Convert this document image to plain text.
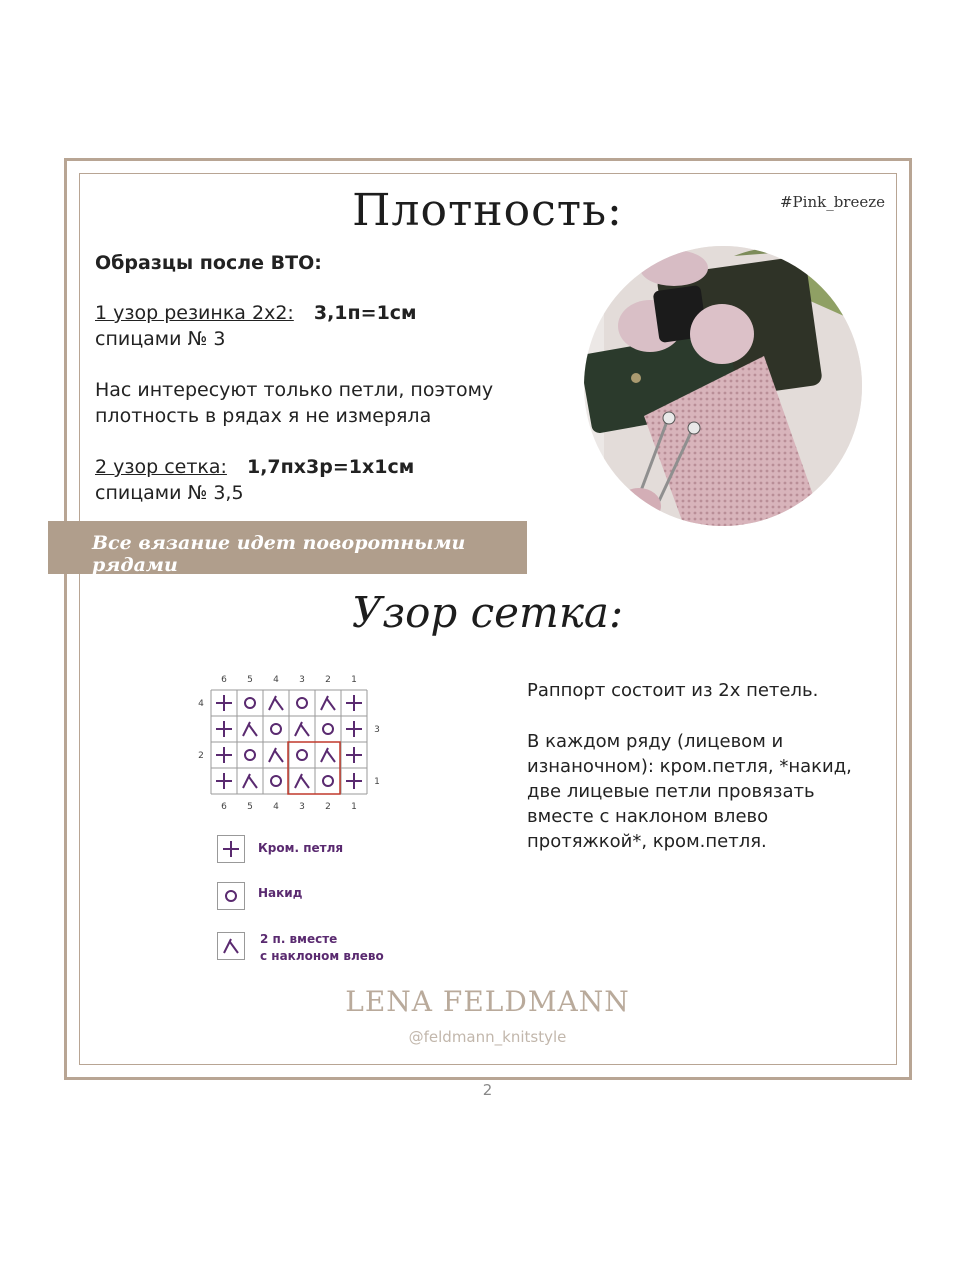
#Pink_breeze
Плотность:
Образцы после ВТО:
1 узор резинка 2х2: 3,1п=1см
спицами № 3
Нас интересуют только петли, поэтому
плотность в рядах я не измеряла
2 узор сетка: 1,7пх3р=1х1см
спицами № 3,5
Все вязание идет поворотными рядами
Узор сетка:
6
6
5
5
4
4
3
3
2
2
1
1
4
3
2
1
Кром. петля
Накид
2 п. вместе
с наклоном влево
Раппорт состоит из 2х петель.
В каждом ряду (лицевом и
изнаночном): кром.петля, *накид,
две лицевые петли провязать
вместе с наклоном влево
протяжкой*, кром.петля.
LENA FELDMANN
@feldmann_knitstyle
2
